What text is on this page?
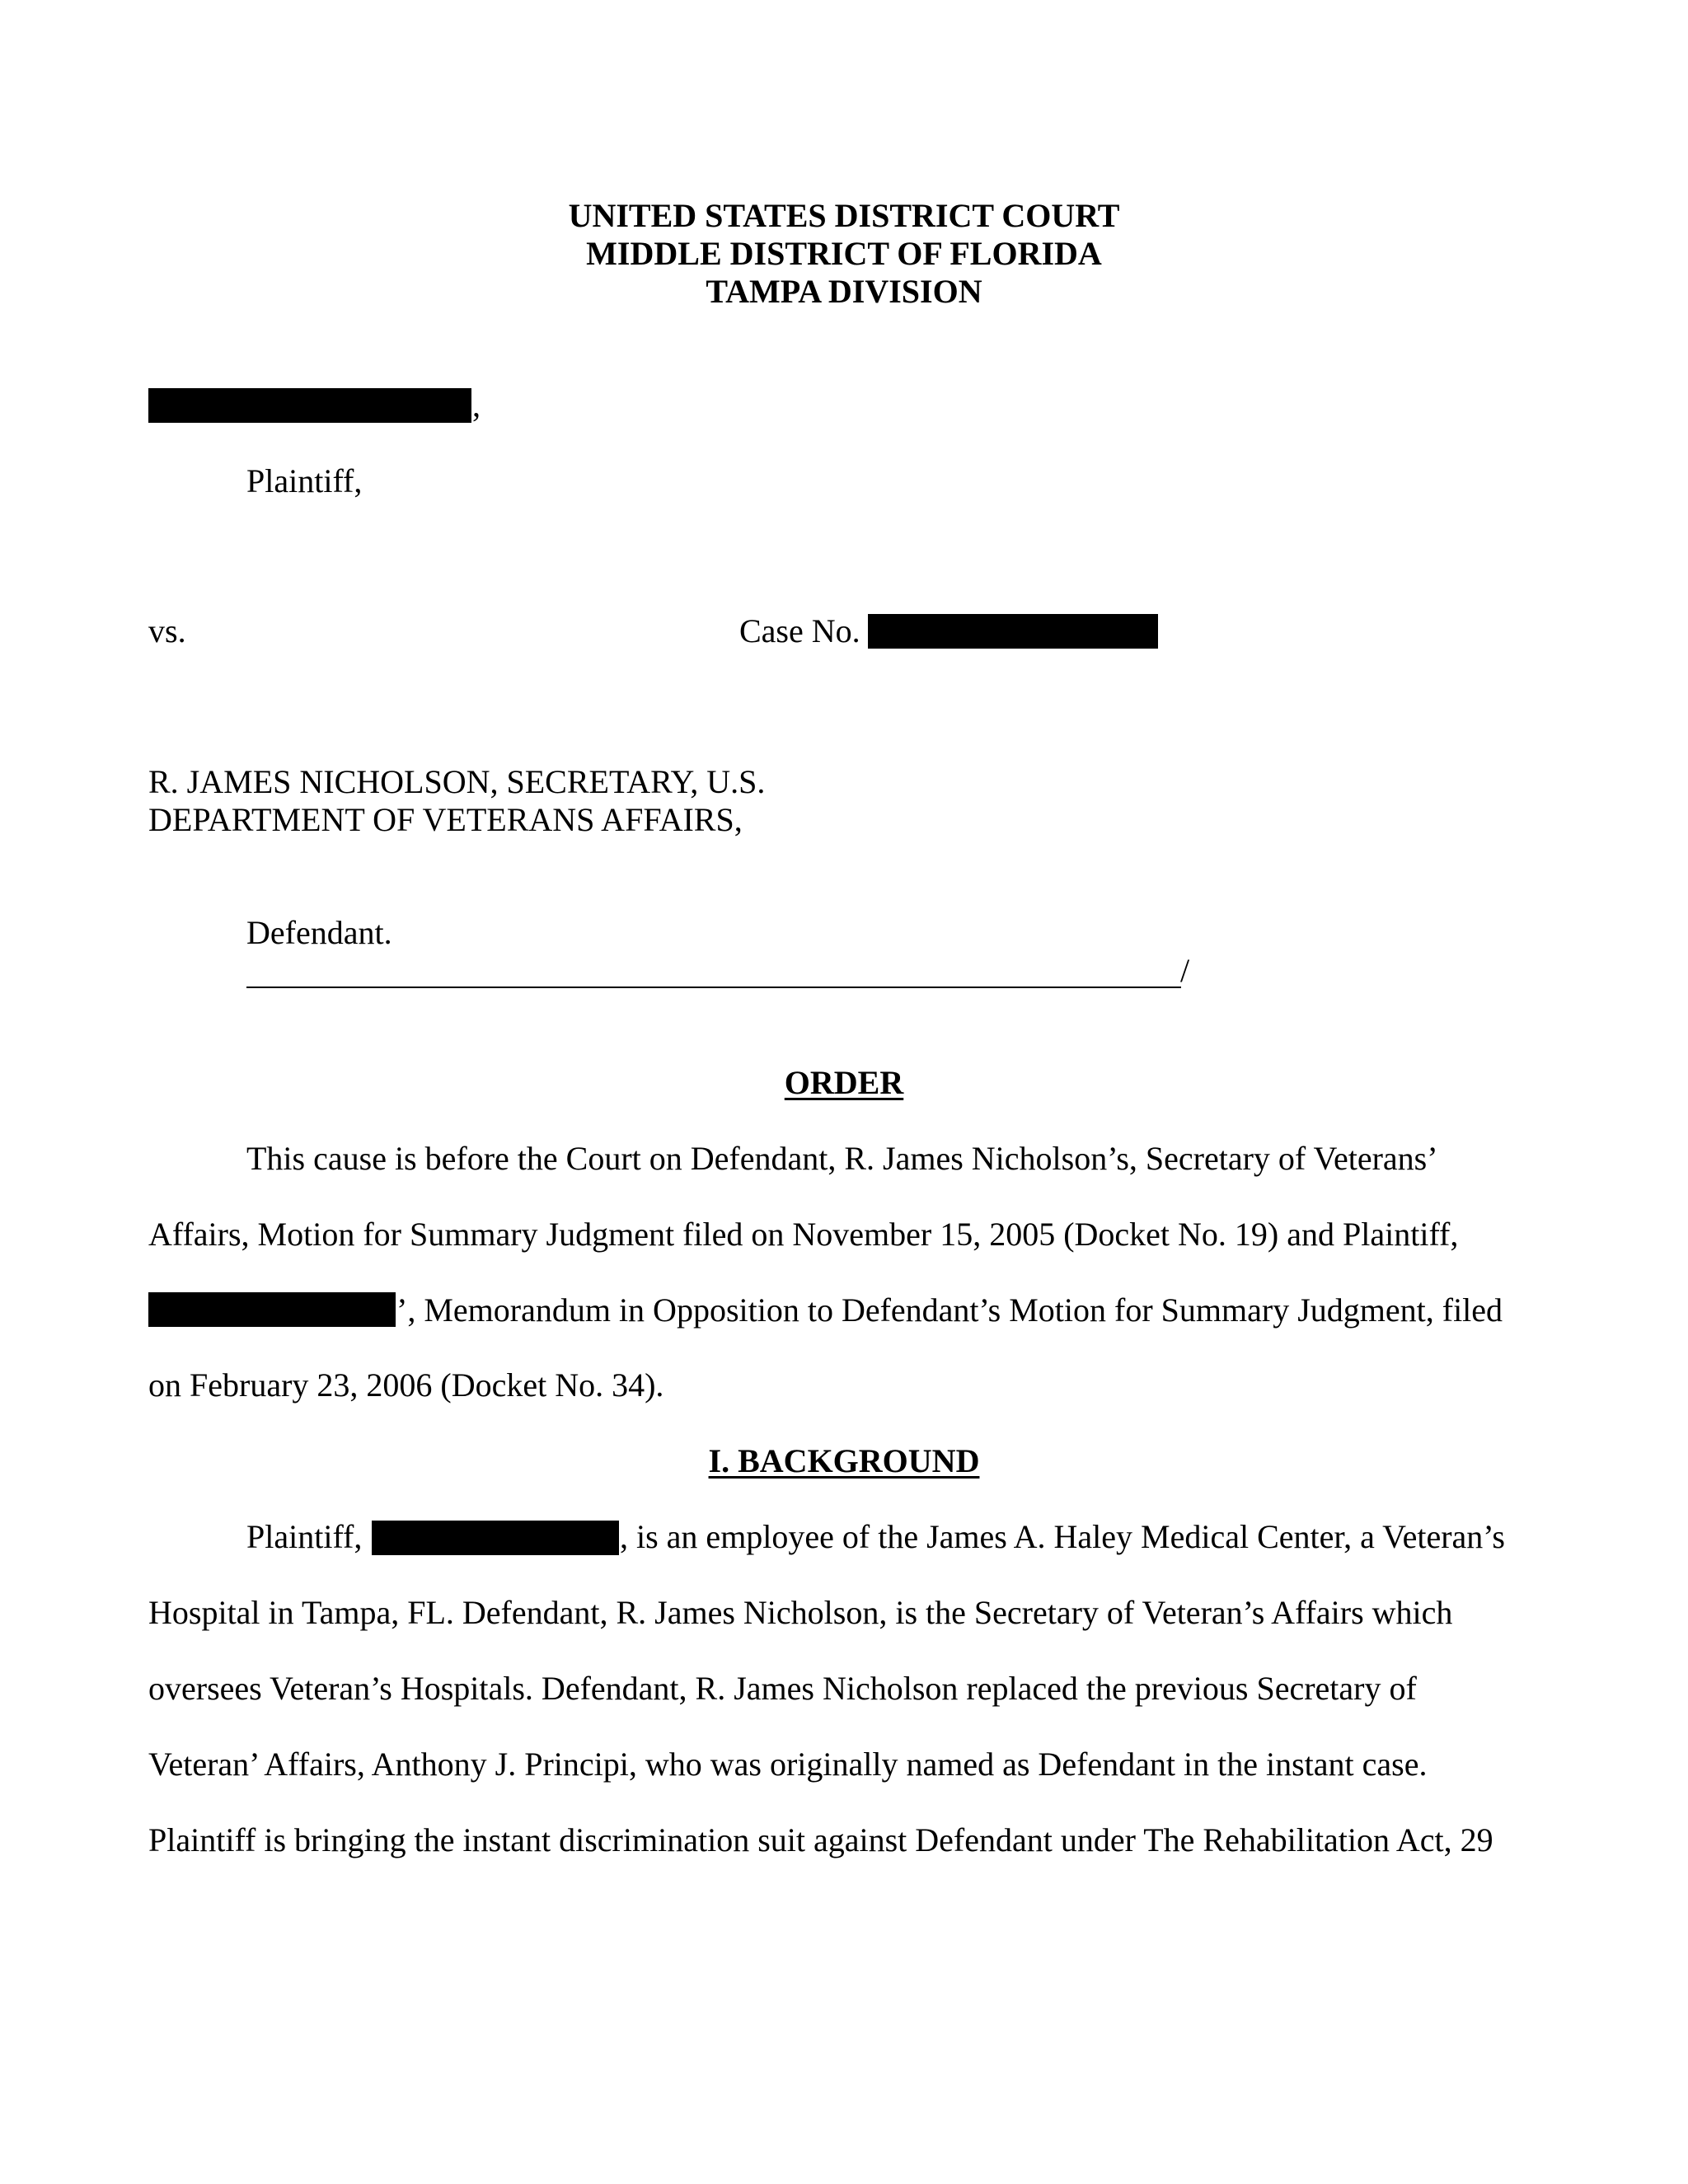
UNITED STATES DISTRICT COURT
MIDDLE DISTRICT OF FLORIDA
TAMPA DIVISION
,
Plaintiff,
vs.	Case No.
R. JAMES NICHOLSON, SECRETARY, U.S.
DEPARTMENT OF VETERANS AFFAIRS,
Defendant.
/
ORDER
This cause is before the Court on Defendant, R. James Nicholson’s, Secretary of Veterans’
Affairs, Motion for Summary Judgment filed on November 15, 2005 (Docket No. 19) and Plaintiff,
’, Memorandum in Opposition to Defendant’s Motion for Summary Judgment, filed
on February 23, 2006 (Docket No. 34).
I. BACKGROUND
Plaintiff,	, is an employee of the James A. Haley Medical Center, a Veteran’s
Hospital in Tampa, FL. Defendant, R. James Nicholson, is the Secretary of Veteran’s Affairs which
oversees Veteran’s Hospitals. Defendant, R. James Nicholson replaced the previous Secretary of
Veteran’ Affairs, Anthony J. Principi, who was originally named as Defendant in the instant case.
Plaintiff is bringing the instant discrimination suit against Defendant under The Rehabilitation Act, 29
